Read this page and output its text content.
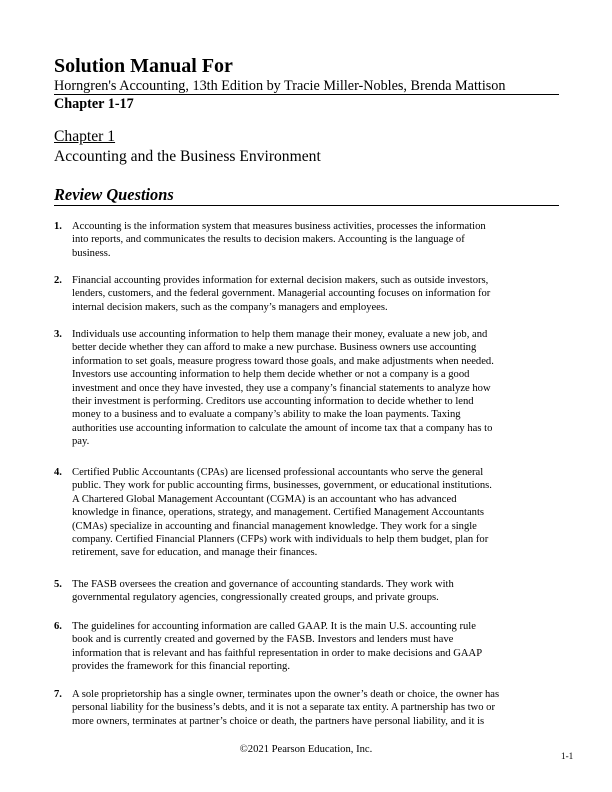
Solution Manual For
Horngren's Accounting, 13th Edition by Tracie Miller-Nobles, Brenda Mattison
Chapter 1-17
Chapter 1
Accounting and the Business Environment
Review Questions
1. Accounting is the information system that measures business activities, processes the information
into reports, and communicates the results to decision makers. Accounting is the language of
business.
2. Financial accounting provides information for external decision makers, such as outside investors,
lenders, customers, and the federal government. Managerial accounting focuses on information for
internal decision makers, such as the company’s managers and employees.
3. Individuals use accounting information to help them manage their money, evaluate a new job, and
better decide whether they can afford to make a new purchase. Business owners use accounting
information to set goals, measure progress toward those goals, and make adjustments when needed.
Investors use accounting information to help them decide whether or not a company is a good
investment and once they have invested, they use a company’s financial statements to analyze how
their investment is performing. Creditors use accounting information to decide whether to lend
money to a business and to evaluate a company’s ability to make the loan payments. Taxing
authorities use accounting information to calculate the amount of income tax that a company has to
pay.
4. Certified Public Accountants (CPAs) are licensed professional accountants who serve the general
public. They work for public accounting firms, businesses, government, or educational institutions.
A Chartered Global Management Accountant (CGMA) is an accountant who has advanced
knowledge in finance, operations, strategy, and management. Certified Management Accountants
(CMAs) specialize in accounting and financial management knowledge. They work for a single
company. Certified Financial Planners (CFPs) work with individuals to help them budget, plan for
retirement, save for education, and manage their finances.
5. The FASB oversees the creation and governance of accounting standards. They work with
governmental regulatory agencies, congressionally created groups, and private groups.
6. The guidelines for accounting information are called GAAP. It is the main U.S. accounting rule
book and is currently created and governed by the FASB. Investors and lenders must have
information that is relevant and has faithful representation in order to make decisions and GAAP
provides the framework for this financial reporting.
7. A sole proprietorship has a single owner, terminates upon the owner’s death or choice, the owner has
personal liability for the business’s debts, and it is not a separate tax entity. A partnership has two or
more owners, terminates at partner’s choice or death, the partners have personal liability, and it is
©2021 Pearson Education, Inc.
1-1
